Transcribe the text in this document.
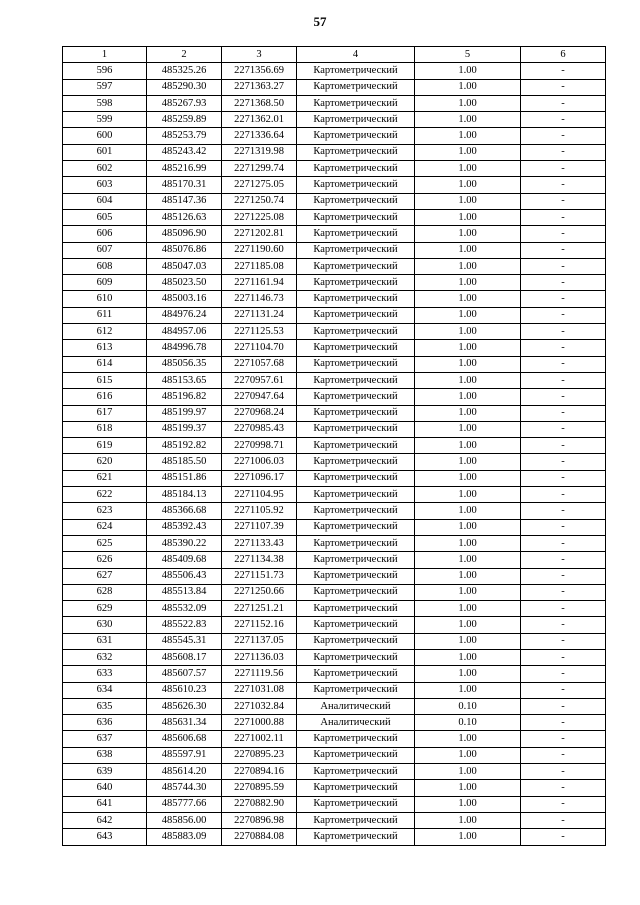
57
1	2	3	4	5	6
596	485325.26	2271356.69	Картометрический	1.00	-
597	485290.30	2271363.27	Картометрический	1.00	-
598	485267.93	2271368.50	Картометрический	1.00	-
599	485259.89	2271362.01	Картометрический	1.00	-
600	485253.79	2271336.64	Картометрический	1.00	-
601	485243.42	2271319.98	Картометрический	1.00	-
602	485216.99	2271299.74	Картометрический	1.00	-
603	485170.31	2271275.05	Картометрический	1.00	-
604	485147.36	2271250.74	Картометрический	1.00	-
605	485126.63	2271225.08	Картометрический	1.00	-
606	485096.90	2271202.81	Картометрический	1.00	-
607	485076.86	2271190.60	Картометрический	1.00	-
608	485047.03	2271185.08	Картометрический	1.00	-
609	485023.50	2271161.94	Картометрический	1.00	-
610	485003.16	2271146.73	Картометрический	1.00	-
611	484976.24	2271131.24	Картометрический	1.00	-
612	484957.06	2271125.53	Картометрический	1.00	-
613	484996.78	2271104.70	Картометрический	1.00	-
614	485056.35	2271057.68	Картометрический	1.00	-
615	485153.65	2270957.61	Картометрический	1.00	-
616	485196.82	2270947.64	Картометрический	1.00	-
617	485199.97	2270968.24	Картометрический	1.00	-
618	485199.37	2270985.43	Картометрический	1.00	-
619	485192.82	2270998.71	Картометрический	1.00	-
620	485185.50	2271006.03	Картометрический	1.00	-
621	485151.86	2271096.17	Картометрический	1.00	-
622	485184.13	2271104.95	Картометрический	1.00	-
623	485366.68	2271105.92	Картометрический	1.00	-
624	485392.43	2271107.39	Картометрический	1.00	-
625	485390.22	2271133.43	Картометрический	1.00	-
626	485409.68	2271134.38	Картометрический	1.00	-
627	485506.43	2271151.73	Картометрический	1.00	-
628	485513.84	2271250.66	Картометрический	1.00	-
629	485532.09	2271251.21	Картометрический	1.00	-
630	485522.83	2271152.16	Картометрический	1.00	-
631	485545.31	2271137.05	Картометрический	1.00	-
632	485608.17	2271136.03	Картометрический	1.00	-
633	485607.57	2271119.56	Картометрический	1.00	-
634	485610.23	2271031.08	Картометрический	1.00	-
635	485626.30	2271032.84	Аналитический	0.10	-
636	485631.34	2271000.88	Аналитический	0.10	-
637	485606.68	2271002.11	Картометрический	1.00	-
638	485597.91	2270895.23	Картометрический	1.00	-
639	485614.20	2270894.16	Картометрический	1.00	-
640	485744.30	2270895.59	Картометрический	1.00	-
641	485777.66	2270882.90	Картометрический	1.00	-
642	485856.00	2270896.98	Картометрический	1.00	-
643	485883.09	2270884.08	Картометрический	1.00	-
